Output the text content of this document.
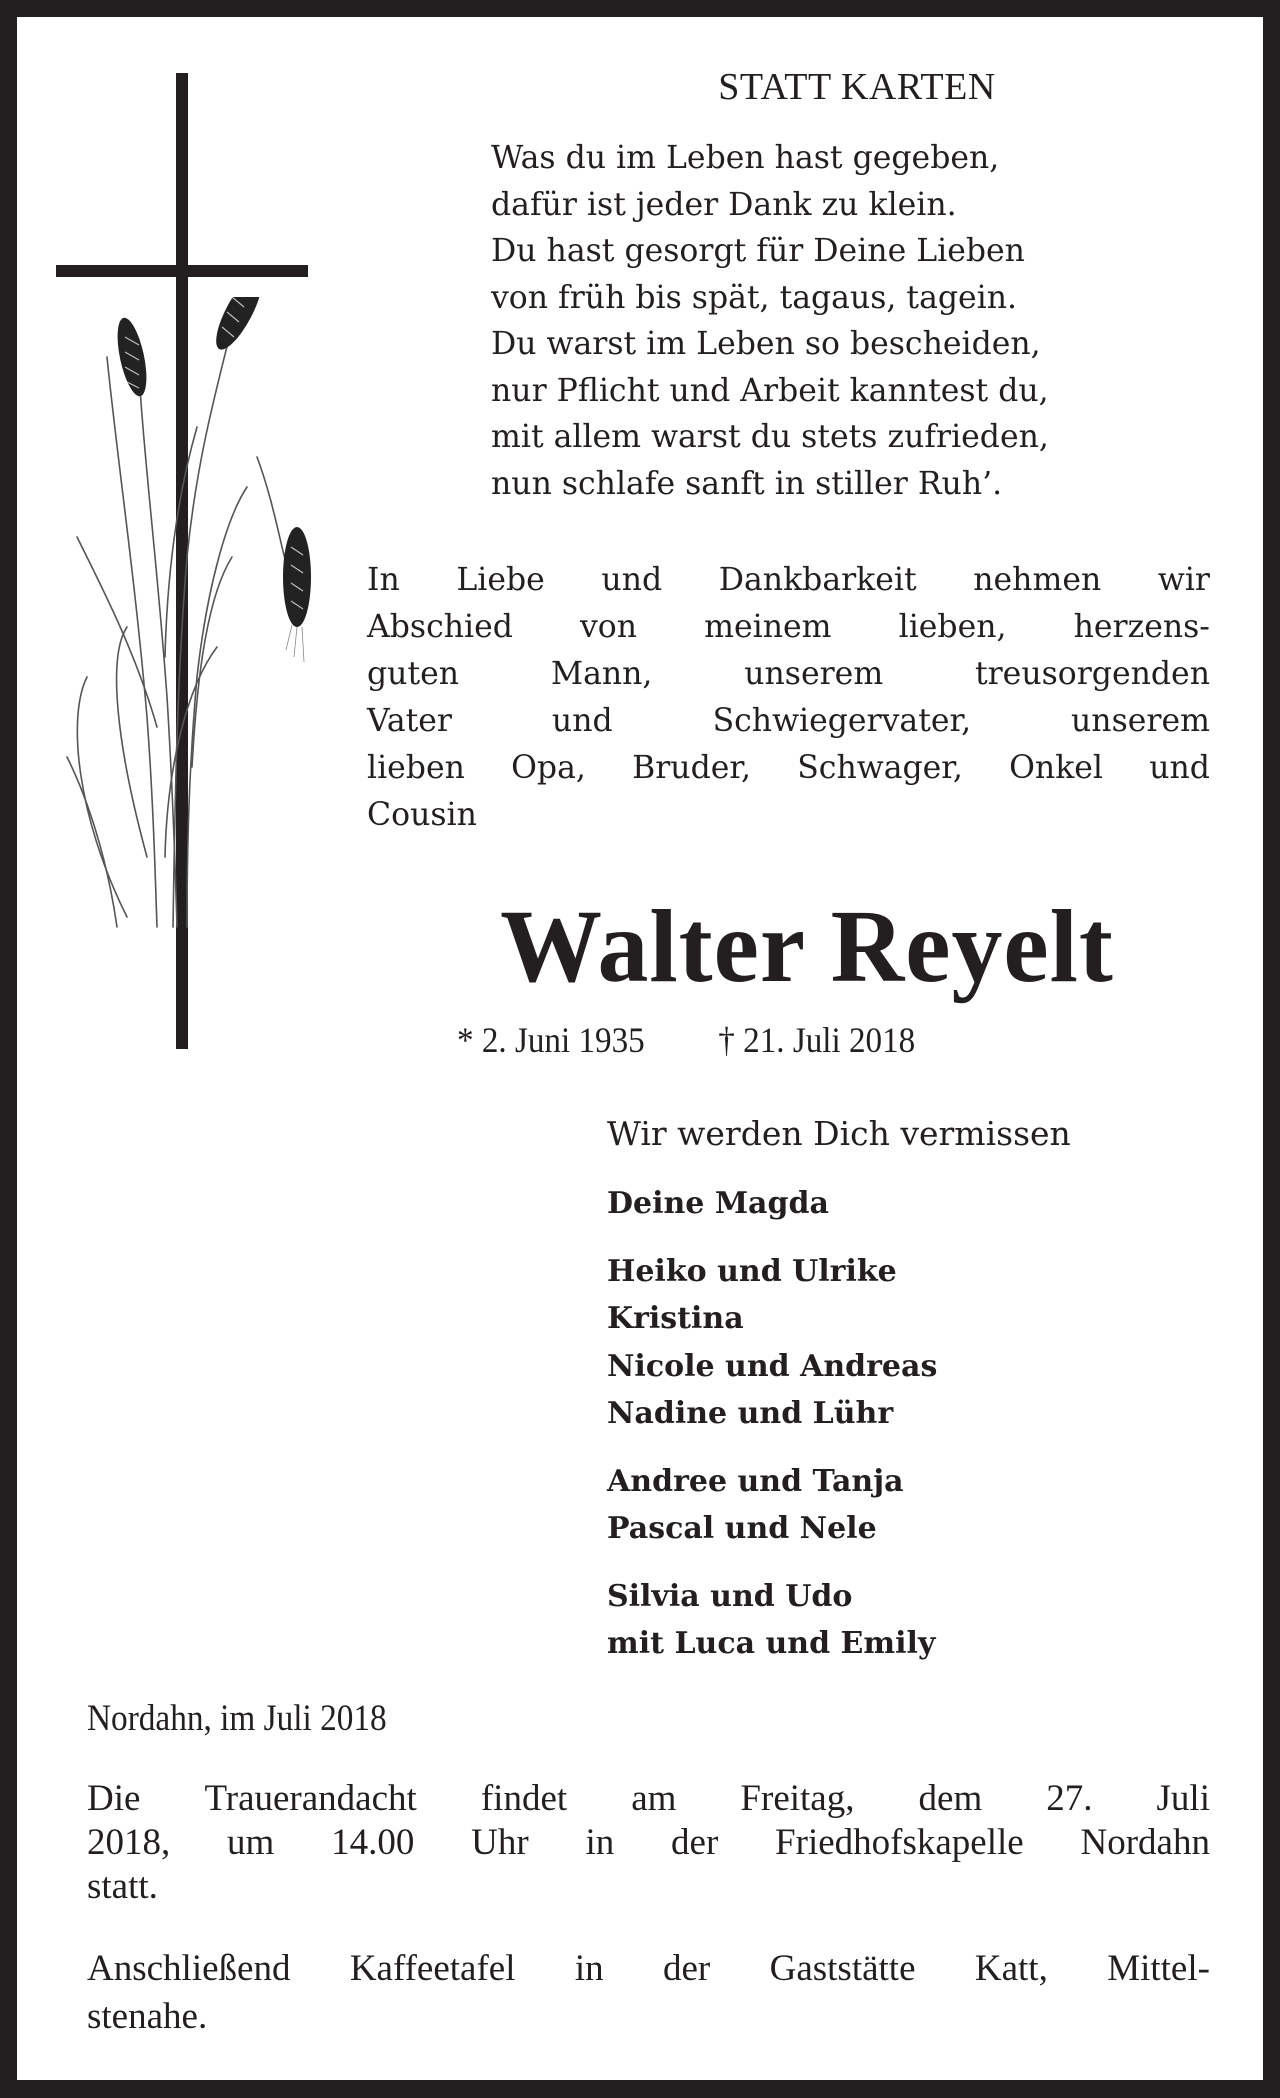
STATT KARTEN
Was du im Leben hast gegeben,
dafür ist jeder Dank zu klein.
Du hast gesorgt für Deine Lieben
von früh bis spät, tagaus, tagein.
Du warst im Leben so bescheiden,
nur Pflicht und Arbeit kanntest du,
mit allem warst du stets zufrieden,
nun schlafe sanft in stiller Ruh’.
In Liebe und Dankbarkeit nehmen wir
Abschied von meinem lieben, herzens-
guten	Mann,	unserem	treusorgenden
Vater	und	Schwiegervater,	unserem
lieben Opa, Bruder, Schwager, Onkel und
Cousin
Walter Reyelt
* 2. Juni 1935 † 21. Juli 2018
Wir werden Dich vermissen
Deine Magda
Heiko und Ulrike
Kristina
Nicole und Andreas
Nadine und Lühr
Andree und Tanja
Pascal und Nele
Silvia und Udo
mit Luca und Emily
Nordahn, im Juli 2018
Die Trauerandacht findet am Freitag, dem 27. Juli
2018, um 14.00 Uhr in der Friedhofskapelle Nordahn
statt.
Anschließend Kaffeetafel in der Gaststätte Katt, Mittel-
stenahe.
